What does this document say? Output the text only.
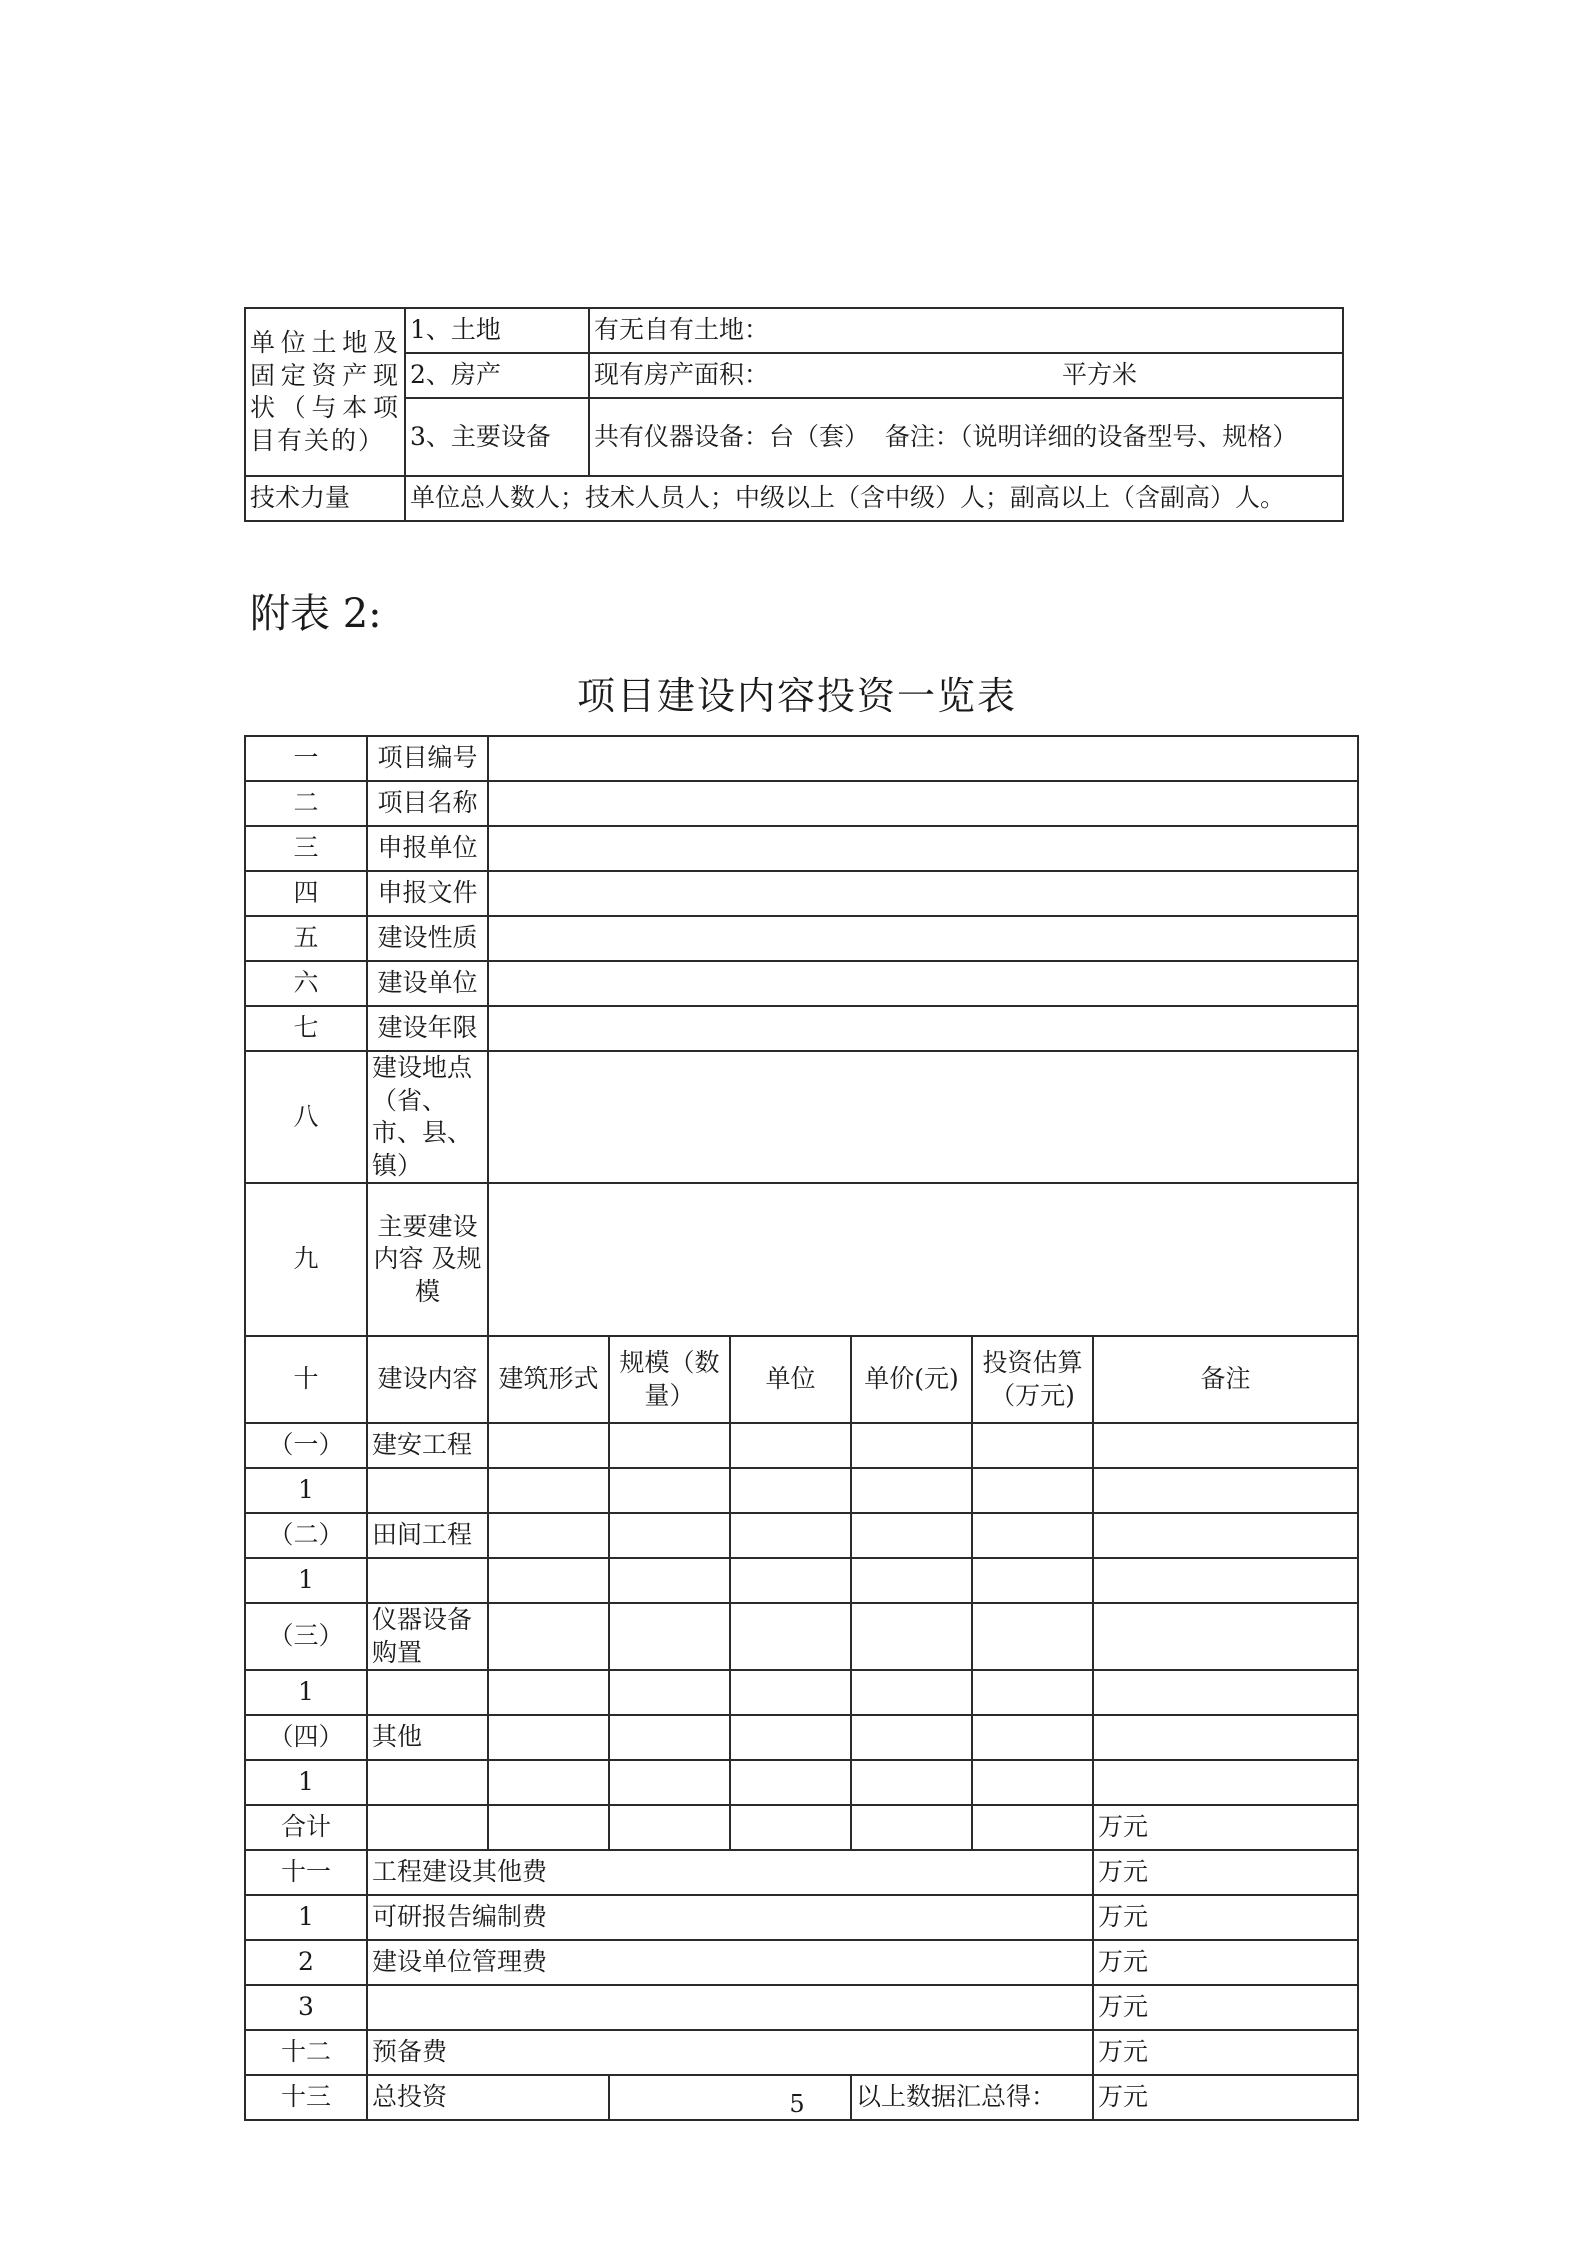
单位土地及固定资产现状（与本项目有关的）	1、土地	有无自有土地：
	2、房产	现有房产面积： 平方米
	3、主要设备	共有仪器设备：台（套）  备注：（说明详细的设备型号、规格）
技术力量	单位总人数人；技术人员人；中级以上（含中级）人；副高以上（含副高）人。	
附表 2:
项目建设内容投资一览表
一	项目编号						
二	项目名称						
三	申报单位						
四	申报文件						
五	建设性质						
六	建设单位						
七	建设年限						
八	建设地点（省、市、县、镇）						
九	主要建设内容 及规模						
十	建设内容	建筑形式	规模（数量）	单位	单价(元)	投资估算（万元)	备注
（一）	建安工程						
1							
（二）	田间工程						
1							
（三）	仪器设备购置						
1							
（四）	其他						
1							
合计							万元
十一	工程建设其他费						万元
1	可研报告编制费						万元
2	建设单位管理费						万元
3							万元
十二	预备费						万元
十三	总投资				以上数据汇总得：		万元
5
